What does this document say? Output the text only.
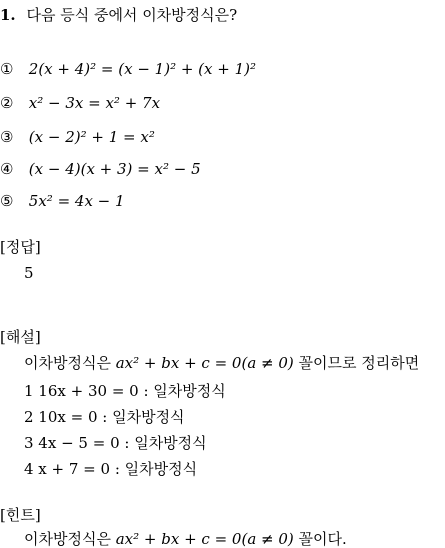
1. 다음 등식 중에서 이차방정식은?
① 2(x + 4)² = (x − 1)² + (x + 1)²
② x² − 3x = x² + 7x
③ (x − 2)² + 1 = x²
④ (x − 4)(x + 3) = x² − 5
⑤ 5x² = 4x − 1
[정답]
5
[해설]
이차방정식은 ax² + bx + c = 0(a ≠ 0) 꼴이므로 정리하면
1 16x + 30 = 0 : 일차방정식
2 10x = 0 : 일차방정식
3 4x − 5 = 0 : 일차방정식
4 x + 7 = 0 : 일차방정식
[힌트]
이차방정식은 ax² + bx + c = 0(a ≠ 0) 꼴이다.
